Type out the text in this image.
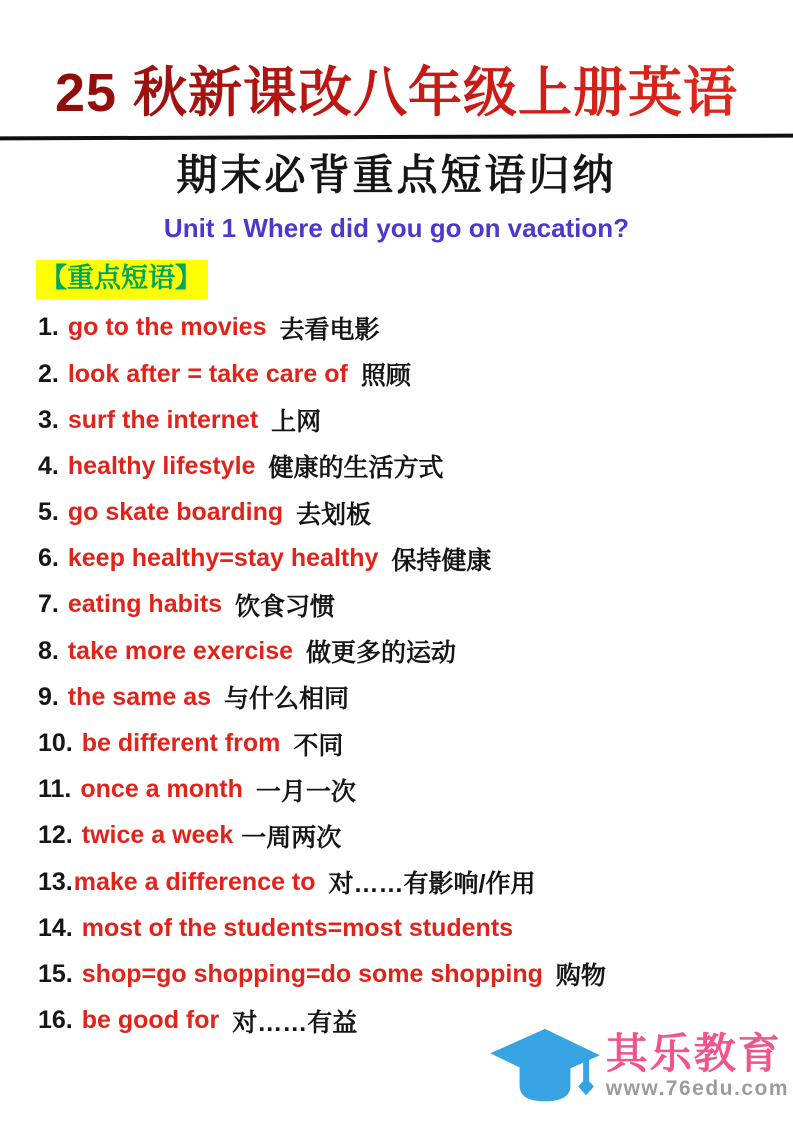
25 秋新课改八年级上册英语
期末必背重点短语归纳
Unit 1 Where did you go on vacation?
【重点短语】
1. go to the movies 去看电影
2. look after = take care of 照顾
3. surf the internet 上网
4. healthy lifestyle 健康的生活方式
5. go skate boarding 去划板
6. keep healthy=stay healthy 保持健康
7. eating habits 饮食习惯
8. take more exercise 做更多的运动
9. the same as 与什么相同
10. be different from 不同
11. once a month 一月一次
12. twice a week 一周两次
13. make a difference to 对……有影响/作用
14. most of the students=most students
15. shop=go shopping=do some shopping 购物
16. be good for 对……有益
其乐教育
www.76edu.com
